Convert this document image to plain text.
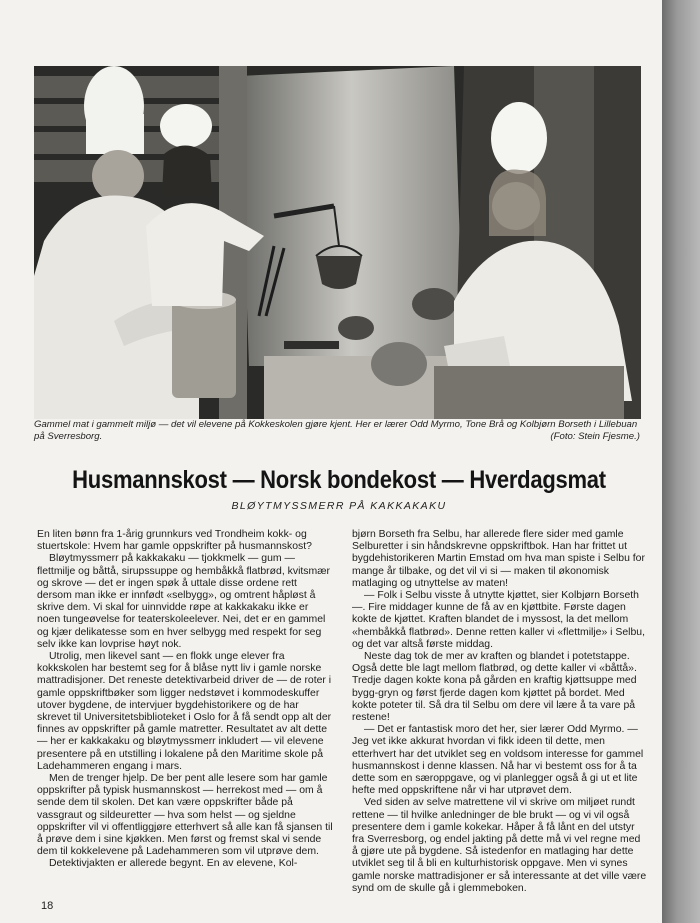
Gammel mat i gammelt miljø — det vil elevene på Kokkeskolen gjøre kjent. Her er lærer Odd Myrmo, Tone Brå og Kolbjørn Borseth i Lillebuan på Sverresborg.	(Foto: Stein Fjesme.)
Husmannskost — Norsk bondekost — Hverdagsmat
BLØYTMYSSMERR PÅ KAKKAKAKU

En liten bønn fra 1-årig grunnkurs ved Trondheim kokk- og stuertskole: Hvem har gamle oppskrifter på husmannskost?

Bløytmyssmerr på kakkakaku — tjokkmelk — gum — flettmilje og båttå, sirupssuppe og hembåkkå flatbrød, kvitsmær og skrove — det er ingen spøk å uttale disse ordene rett dersom man ikke er innfødt «selbygg», og omtrent håpløst å skrive dem. Vi skal for uinnvidde røpe at kakkakaku ikke er noen tungeøvelse for teaterskoleelever. Nei, det er en gammel og kjær delikatesse som en hver selbygg med respekt for seg selv ikke kan lovprise høyt nok.

Utrolig, men likevel sant — en flokk unge elever fra kokkskolen har bestemt seg for å blåse nytt liv i gamle norske mattradisjoner. Det reneste detektivarbeid driver de — de roter i gamle oppskriftbøker som ligger nedstøvet i kommodeskuffer utover bygdene, de intervjuer bygdehistorikere og de har skrevet til Universitetsbiblioteket i Oslo for å få sendt opp alt der finnes av oppskrifter på gamle matretter. Resultatet av alt dette — her er kakkakaku og bløytmyssmerr inkludert — vil elevene presentere på en utstilling i lokalene på den Maritime skole på Ladehammeren engang i mars.

Men de trenger hjelp. De ber pent alle lesere som har gamle oppskrifter på typisk husmannskost — herrekost med — om å sende dem til skolen. Det kan være oppskrifter både på vassgraut og sildeuretter — hva som helst — og sjeldne oppskrifter vil vi offentliggjøre etterhvert så alle kan få sjansen til å prøve dem i sine kjøkken. Men først og fremst skal vi sende dem til kokkelevene på Ladehammeren som vil utprøve dem.

Detektivjakten er allerede begynt. En av elevene, Kol-

bjørn Borseth fra Selbu, har allerede flere sider med gamle Selburetter i sin håndskrevne oppskriftbok. Han har frittet ut bygdehistorikeren Martin Emstad om hva man spiste i Selbu for mange år tilbake, og det vil vi si — maken til økonomisk matlaging og utnyttelse av maten!

— Folk i Selbu visste å utnytte kjøttet, sier Kolbjørn Borseth —. Fire middager kunne de få av en kjøttbite. Første dagen kokte de kjøttet. Kraften blandet de i myssost, la det mellom «hembåkkå flatbrød». Denne retten kaller vi «flettmilje» i Selbu, og det var altså første middag.

Neste dag tok de mer av kraften og blandet i potetstappe. Også dette ble lagt mellom flatbrød, og dette kaller vi «båttå». Tredje dagen kokte kona på gården en kraftig kjøttsuppe med bygg-gryn og først fjerde dagen kom kjøttet på bordet. Med kokte poteter til. Så dra til Selbu om dere vil lære å ta vare på restene!

— Det er fantastisk moro det her, sier lærer Odd Myrmo. — Jeg vet ikke akkurat hvordan vi fikk ideen til dette, men etterhvert har det utviklet seg en voldsom interesse for gammel husmannskost i denne klassen. Nå har vi bestemt oss for å ta dette som en særoppgave, og vi planlegger også å gi ut et lite hefte med oppskriftene når vi har utprøvet dem.

Ved siden av selve matrettene vil vi skrive om miljøet rundt rettene — til hvilke anledninger de ble brukt — og vi vil også presentere dem i gamle kokekar. Håper å få lånt en del utstyr fra Sverresborg, og endel jakting på dette må vi vel regne med å gjøre ute på bygdene. Så istedenfor en matlaging har dette utviklet seg til å bli en kulturhistorisk oppgave. Men vi synes gamle norske mattradisjoner er så interessante at det ville være synd om de skulle gå i glemmeboken.

18
